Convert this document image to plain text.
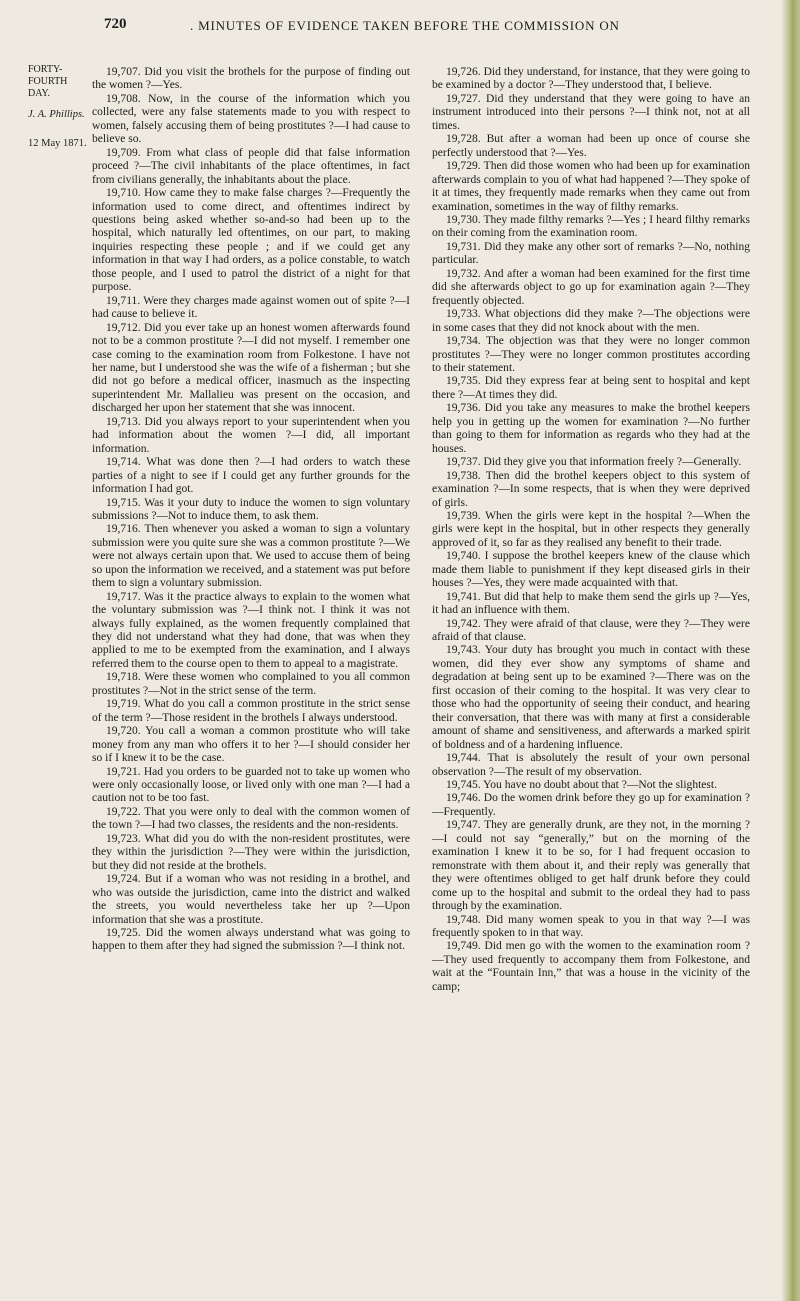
720	. MINUTES OF EVIDENCE TAKEN BEFORE THE COMMISSION ON
FORTY-FOURTH DAY.
J. A. Phillips.
12 May 1871.

19,707. Did you visit the brothels for the purpose of finding out the women ?—Yes.

19,708. Now, in the course of the information which you collected, were any false statements made to you with respect to women, falsely accusing them of being prostitutes ?—I had cause to believe so.

19,709. From what class of people did that false information proceed ?—The civil inhabitants of the place oftentimes, in fact from civilians generally, the inhabitants about the place.

19,710. How came they to make false charges ?—Frequently the information used to come direct, and oftentimes indirect by questions being asked whether so-and-so had been up to the hospital, which naturally led oftentimes, on our part, to making inquiries respecting these people ; and if we could get any information in that way I had orders, as a police constable, to watch those people, and I used to patrol the district of a night for that purpose.

19,711. Were they charges made against women out of spite ?—I had cause to believe it.

19,712. Did you ever take up an honest women afterwards found not to be a common prostitute ?—I did not myself. I remember one case coming to the examination room from Folkestone. I have not her name, but I understood she was the wife of a fisherman ; but she did not go before a medical officer, inasmuch as the inspecting superintendent Mr. Mallalieu was present on the occasion, and discharged her upon her statement that she was innocent.

19,713. Did you always report to your superintendent when you had information about the women ?—I did, all important information.

19,714. What was done then ?—I had orders to watch these parties of a night to see if I could get any further grounds for the information I had got.

19,715. Was it your duty to induce the women to sign voluntary submissions ?—Not to induce them, to ask them.

19,716. Then whenever you asked a woman to sign a voluntary submission were you quite sure she was a common prostitute ?—We were not always certain upon that. We used to accuse them of being so upon the information we received, and a statement was put before them to sign a voluntary submission.

19,717. Was it the practice always to explain to the women what the voluntary submission was ?—I think not. I think it was not always fully explained, as the women frequently complained that they did not understand what they had done, that was when they applied to me to be exempted from the examination, and I always referred them to the course open to them to appeal to a magistrate.

19,718. Were these women who complained to you all common prostitutes ?—Not in the strict sense of the term.

19,719. What do you call a common prostitute in the strict sense of the term ?—Those resident in the brothels I always understood.

19,720. You call a woman a common prostitute who will take money from any man who offers it to her ?—I should consider her so if I knew it to be the case.

19,721. Had you orders to be guarded not to take up women who were only occasionally loose, or lived only with one man ?—I had a caution not to be too fast.

19,722. That you were only to deal with the common women of the town ?—I had two classes, the residents and the non-residents.

19,723. What did you do with the non-resident prostitutes, were they within the jurisdiction ?—They were within the jurisdiction, but they did not reside at the brothels.

19,724. But if a woman who was not residing in a brothel, and who was outside the jurisdiction, came into the district and walked the streets, you would nevertheless take her up ?—Upon information that she was a prostitute.

19,725. Did the women always understand what was going to happen to them after they had signed the submission ?—I think not.

19,726. Did they understand, for instance, that they were going to be examined by a doctor ?—They understood that, I believe.

19,727. Did they understand that they were going to have an instrument introduced into their persons ?—I think not, not at all times.

19,728. But after a woman had been up once of course she perfectly understood that ?—Yes.

19,729. Then did those women who had been up for examination afterwards complain to you of what had happened ?—They spoke of it at times, they frequently made remarks when they came out from examination, sometimes in the way of filthy remarks.

19,730. They made filthy remarks ?—Yes ; I heard filthy remarks on their coming from the examination room.

19,731. Did they make any other sort of remarks ?—No, nothing particular.

19,732. And after a woman had been examined for the first time did she afterwards object to go up for examination again ?—They frequently objected.

19,733. What objections did they make ?—The objections were in some cases that they did not knock about with the men.

19,734. The objection was that they were no longer common prostitutes ?—They were no longer common prostitutes according to their statement.

19,735. Did they express fear at being sent to hospital and kept there ?—At times they did.

19,736. Did you take any measures to make the brothel keepers help you in getting up the women for examination ?—No further than going to them for information as regards who they had at the houses.

19,737. Did they give you that information freely ?—Generally.

19,738. Then did the brothel keepers object to this system of examination ?—In some respects, that is when they were deprived of girls.

19,739. When the girls were kept in the hospital ?—When the girls were kept in the hospital, but in other respects they generally approved of it, so far as they realised any benefit to their trade.

19,740. I suppose the brothel keepers knew of the clause which made them liable to punishment if they kept diseased girls in their houses ?—Yes, they were made acquainted with that.

19,741. But did that help to make them send the girls up ?—Yes, it had an influence with them.

19,742. They were afraid of that clause, were they ?—They were afraid of that clause.

19,743. Your duty has brought you much in contact with these women, did they ever show any symptoms of shame and degradation at being sent up to be examined ?—There was on the first occasion of their coming to the hospital. It was very clear to those who had the opportunity of seeing their conduct, and hearing their conversation, that there was with many at first a considerable amount of shame and sensitiveness, and afterwards a marked spirit of boldness and of a hardening influence.

19,744. That is absolutely the result of your own personal observation ?—The result of my observation.

19,745. You have no doubt about that ?—Not the slightest.

19,746. Do the women drink before they go up for examination ?—Frequently.

19,747. They are generally drunk, are they not, in the morning ?—I could not say “generally,” but on the morning of the examination I knew it to be so, for I had frequent occasion to remonstrate with them about it, and their reply was generally that they were oftentimes obliged to get half drunk before they could come up to the hospital and submit to the ordeal they had to pass through by the examination.

19,748. Did many women speak to you in that way ?—I was frequently spoken to in that way.

19,749. Did men go with the women to the examination room ?—They used frequently to accompany them from Folkestone, and wait at the “Fountain Inn,” that was a house in the vicinity of the camp;
